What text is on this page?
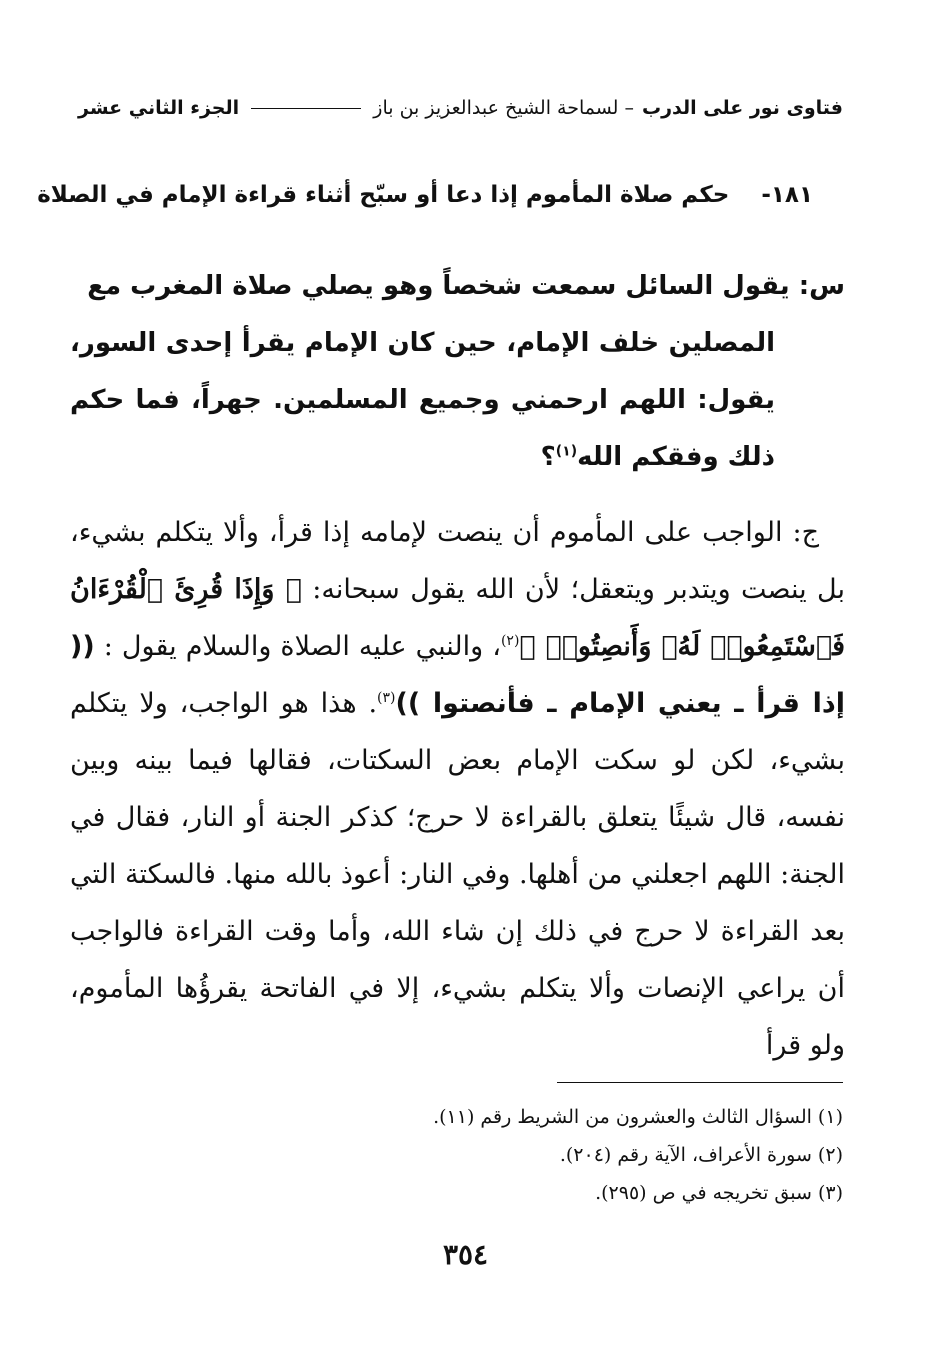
فتاوى نور على الدرب
– لسماحة الشيخ عبدالعزيز بن باز
الجزء الثاني عشر
١٨١-    حكم صلاة المأموم إذا دعا أو سبّح أثناء قراءة الإمام في الصلاة

س: يقول السائل سمعت شخصاً وهو يصلي صلاة المغرب مع
المصلين خلف الإمام، حين كان الإمام يقرأ إحدى السور، يقول: اللهم ارحمني وجميع المسلمين. جهراً، فما حكم ذلك وفقكم الله$^{(١)}$؟

ج: الواجب على المأموم أن ينصت لإمامه إذا قرأ، وألا يتكلم بشيء، بل ينصت ويتدبر ويتعقل؛ لأن الله يقول سبحانه: ﴿ وَإِذَا قُرِئَ ٱلْقُرْءَانُ فَٱسْتَمِعُوا۟ لَهُۥ وَأَنصِتُوا۟ ﴾$^{(٢)}$، والنبي عليه الصلاة والسلام يقول : (( إذا قرأ ـ يعني الإمام ـ فأنصتوا ))$^{(٣)}$. هذا هو الواجب، ولا يتكلم بشيء، لكن لو سكت الإمام بعض السكتات، فقالها فيما بينه وبين نفسه، قال شيئًا يتعلق بالقراءة لا حرج؛ كذكر الجنة أو النار، فقال في الجنة: اللهم اجعلني من أهلها. وفي النار: أعوذ بالله منها. فالسكتة التي بعد القراءة لا حرج في ذلك إن شاء الله، وأما وقت القراءة فالواجب أن يراعي الإنصات وألا يتكلم بشيء، إلا في الفاتحة يقرؤُها المأموم، ولو قرأ

(١) السؤال الثالث والعشرون من الشريط رقم (١١).
(٢) سورة الأعراف، الآية رقم (٢٠٤).
(٣) سبق تخريجه في ص (٢٩٥).
٣٥٤
